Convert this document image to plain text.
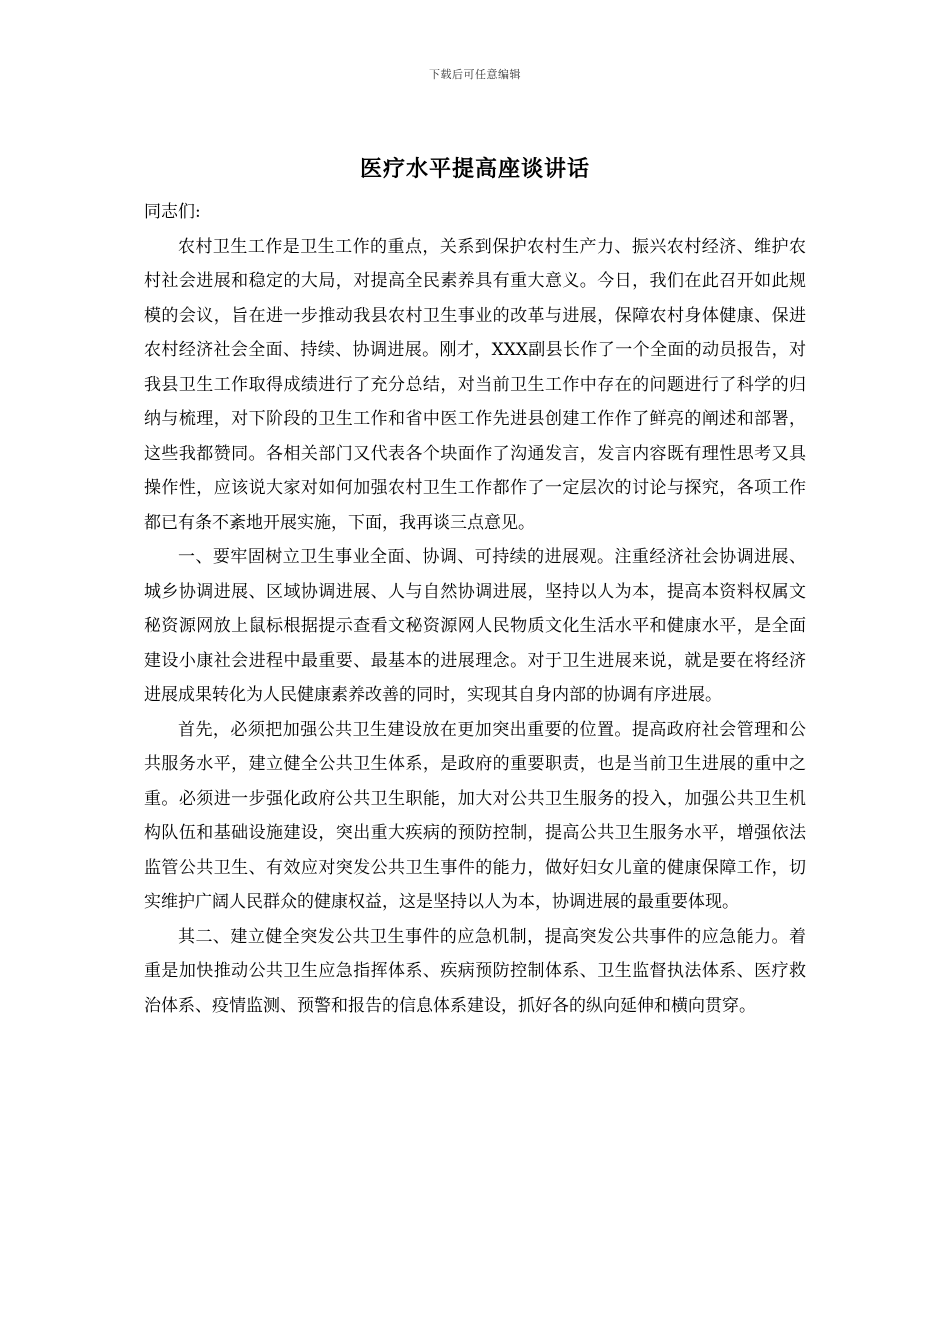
下载后可任意编辑
医疗水平提高座谈讲话

同志们:

农村卫生工作是卫生工作的重点，关系到保护农村生产力、振兴农村经济、维护农村社会进展和稳定的大局，对提高全民素养具有重大意义。今日，我们在此召开如此规模的会议，旨在进一步推动我县农村卫生事业的改革与进展，保障农村身体健康、保进农村经济社会全面、持续、协调进展。刚才，XXX副县长作了一个全面的动员报告，对我县卫生工作取得成绩进行了充分总结，对当前卫生工作中存在的问题进行了科学的归纳与梳理，对下阶段的卫生工作和省中医工作先进县创建工作作了鲜亮的阐述和部署，这些我都赞同。各相关部门又代表各个块面作了沟通发言，发言内容既有理性思考又具操作性，应该说大家对如何加强农村卫生工作都作了一定层次的讨论与探究，各项工作都已有条不紊地开展实施，下面，我再谈三点意见。

一、要牢固树立卫生事业全面、协调、可持续的进展观。注重经济社会协调进展、城乡协调进展、区域协调进展、人与自然协调进展，坚持以人为本，提高本资料权属文秘资源网放上鼠标根据提示查看文秘资源网人民物质文化生活水平和健康水平，是全面建设小康社会进程中最重要、最基本的进展理念。对于卫生进展来说，就是要在将经济进展成果转化为人民健康素养改善的同时，实现其自身内部的协调有序进展。

首先，必须把加强公共卫生建设放在更加突出重要的位置。提高政府社会管理和公共服务水平，建立健全公共卫生体系，是政府的重要职责，也是当前卫生进展的重中之重。必须进一步强化政府公共卫生职能，加大对公共卫生服务的投入，加强公共卫生机构队伍和基础设施建设，突出重大疾病的预防控制，提高公共卫生服务水平，增强依法监管公共卫生、有效应对突发公共卫生事件的能力，做好妇女儿童的健康保障工作，切实维护广阔人民群众的健康权益，这是坚持以人为本，协调进展的最重要体现。

其二、建立健全突发公共卫生事件的应急机制，提高突发公共事件的应急能力。着重是加快推动公共卫生应急指挥体系、疾病预防控制体系、卫生监督执法体系、医疗救治体系、疫情监测、预警和报告的信息体系建设，抓好各的纵向延伸和横向贯穿。
